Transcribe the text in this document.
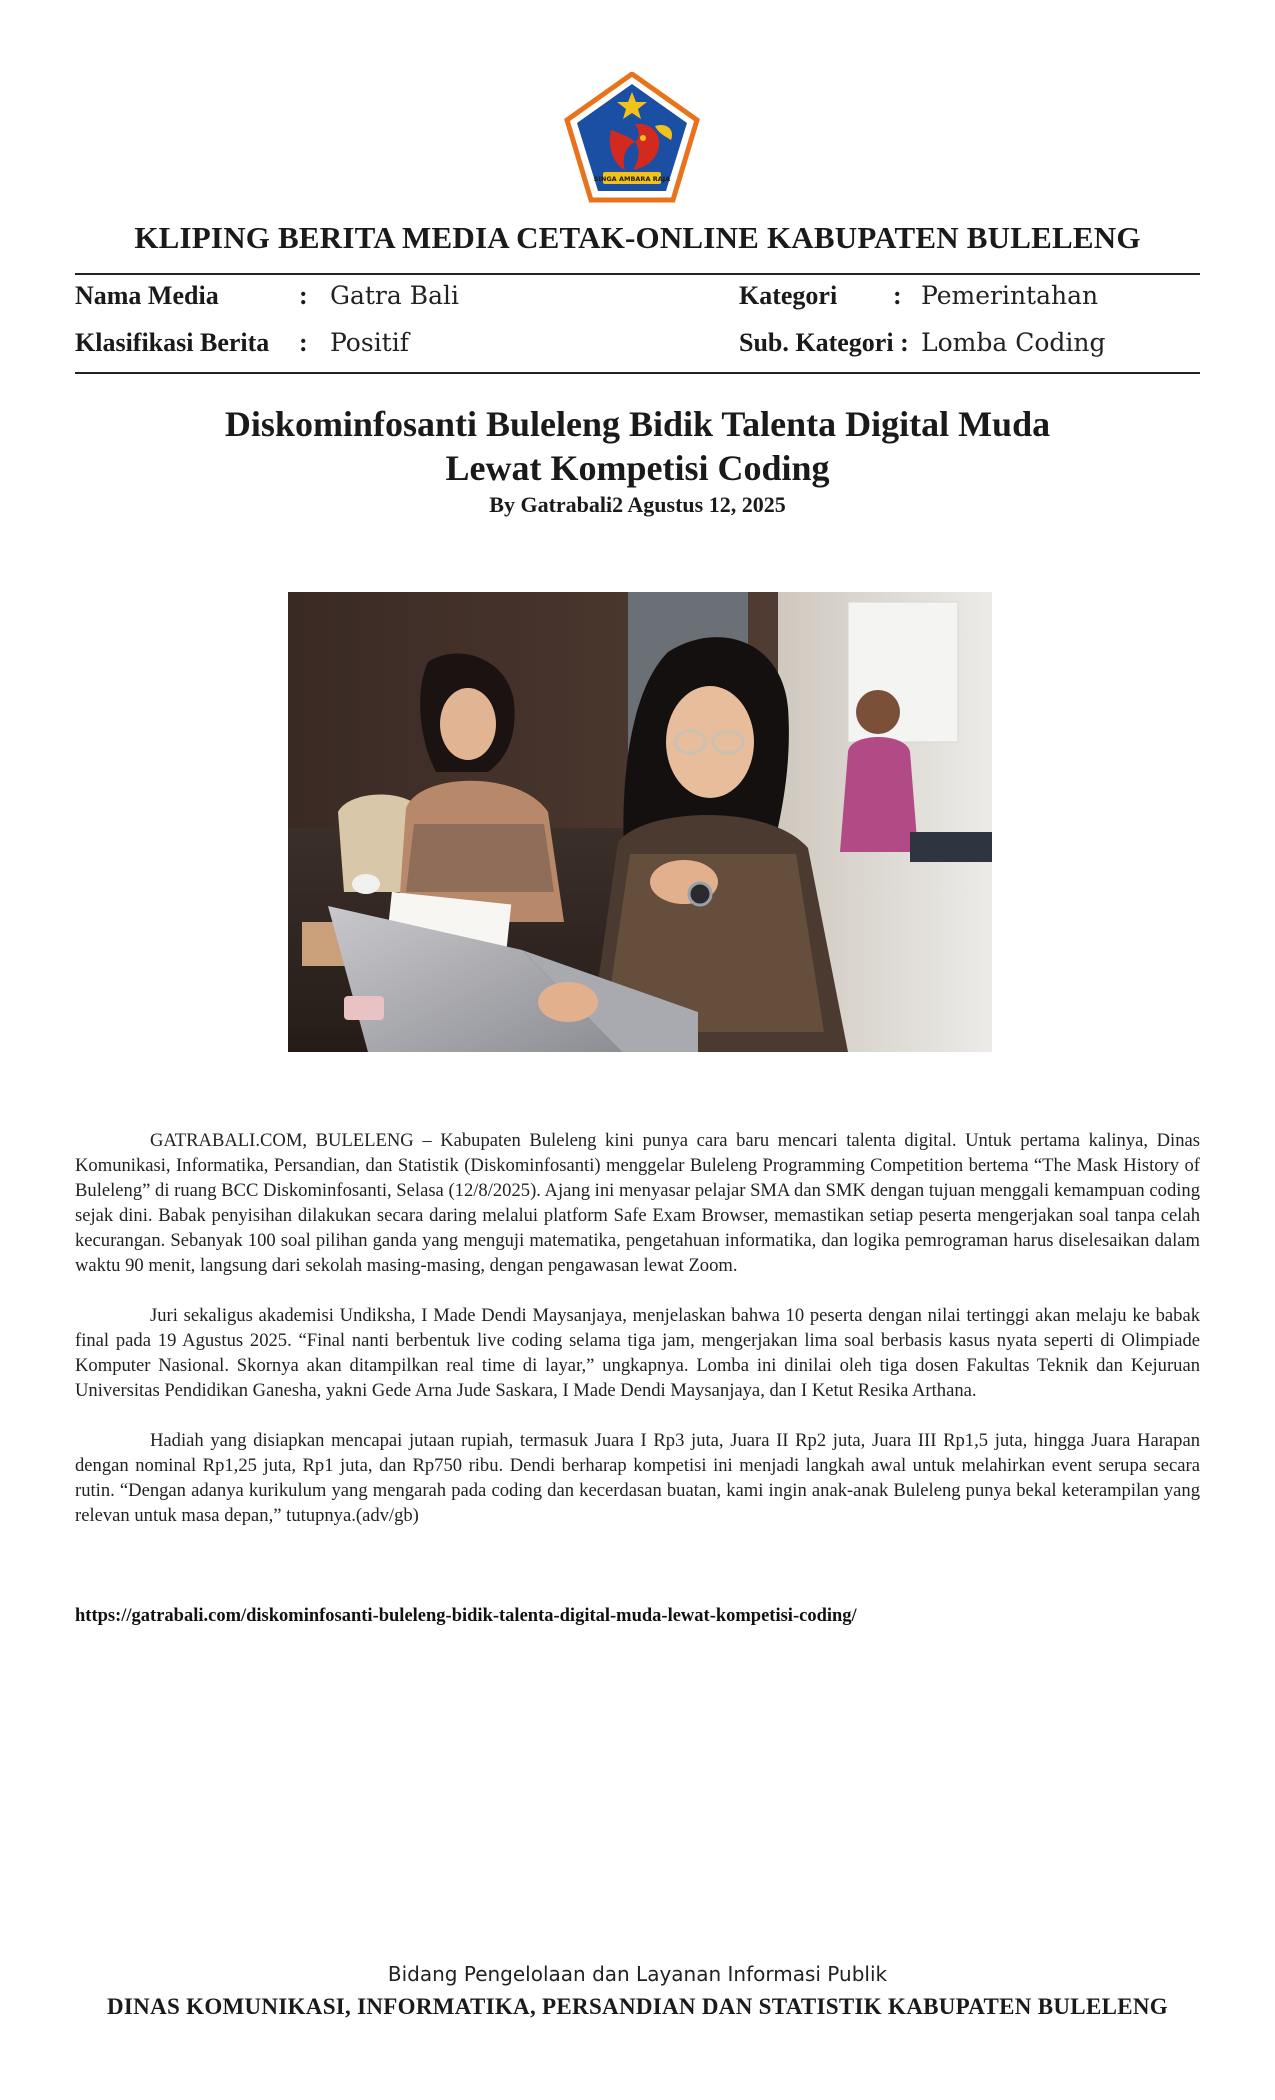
SINGA AMBARA RAJA
KLIPING BERITA MEDIA CETAK-ONLINE KABUPATEN BULELENG
Nama Media	: Gatra Bali	Kategori : Pemerintahan
Klasifikasi Berita : Positif	Sub. Kategori : Lomba Coding
Diskominfosanti Buleleng Bidik Talenta Digital Muda
Lewat Kompetisi Coding
By Gatrabali2 Agustus 12, 2025

GATRABALI.COM, BULELENG – Kabupaten Buleleng kini punya cara baru mencari talenta digital. Untuk pertama kalinya, Dinas Komunikasi, Informatika, Persandian, dan Statistik (Diskominfosanti) menggelar Buleleng Programming Competition bertema “The Mask History of Buleleng” di ruang BCC Diskominfosanti, Selasa (12/8/2025). Ajang ini menyasar pelajar SMA dan SMK dengan tujuan menggali kemampuan coding sejak dini. Babak penyisihan dilakukan secara daring melalui platform Safe Exam Browser, memastikan setiap peserta mengerjakan soal tanpa celah kecurangan. Sebanyak 100 soal pilihan ganda yang menguji matematika, pengetahuan informatika, dan logika pemrograman harus diselesaikan dalam waktu 90 menit, langsung dari sekolah masing-masing, dengan pengawasan lewat Zoom.

Juri sekaligus akademisi Undiksha, I Made Dendi Maysanjaya, menjelaskan bahwa 10 peserta dengan nilai tertinggi akan melaju ke babak final pada 19 Agustus 2025. “Final nanti berbentuk live coding selama tiga jam, mengerjakan lima soal berbasis kasus nyata seperti di Olimpiade Komputer Nasional. Skornya akan ditampilkan real time di layar,” ungkapnya. Lomba ini dinilai oleh tiga dosen Fakultas Teknik dan Kejuruan Universitas Pendidikan Ganesha, yakni Gede Arna Jude Saskara, I Made Dendi Maysanjaya, dan I Ketut Resika Arthana.

Hadiah yang disiapkan mencapai jutaan rupiah, termasuk Juara I Rp3 juta, Juara II Rp2 juta, Juara III Rp1,5 juta, hingga Juara Harapan dengan nominal Rp1,25 juta, Rp1 juta, dan Rp750 ribu. Dendi berharap kompetisi ini menjadi langkah awal untuk melahirkan event serupa secara rutin. “Dengan adanya kurikulum yang mengarah pada coding dan kecerdasan buatan, kami ingin anak-anak Buleleng punya bekal keterampilan yang relevan untuk masa depan,” tutupnya.(adv/gb)

https://gatrabali.com/diskominfosanti-buleleng-bidik-talenta-digital-muda-lewat-kompetisi-coding/
Bidang Pengelolaan dan Layanan Informasi Publik
DINAS KOMUNIKASI, INFORMATIKA, PERSANDIAN DAN STATISTIK KABUPATEN BULELENG
